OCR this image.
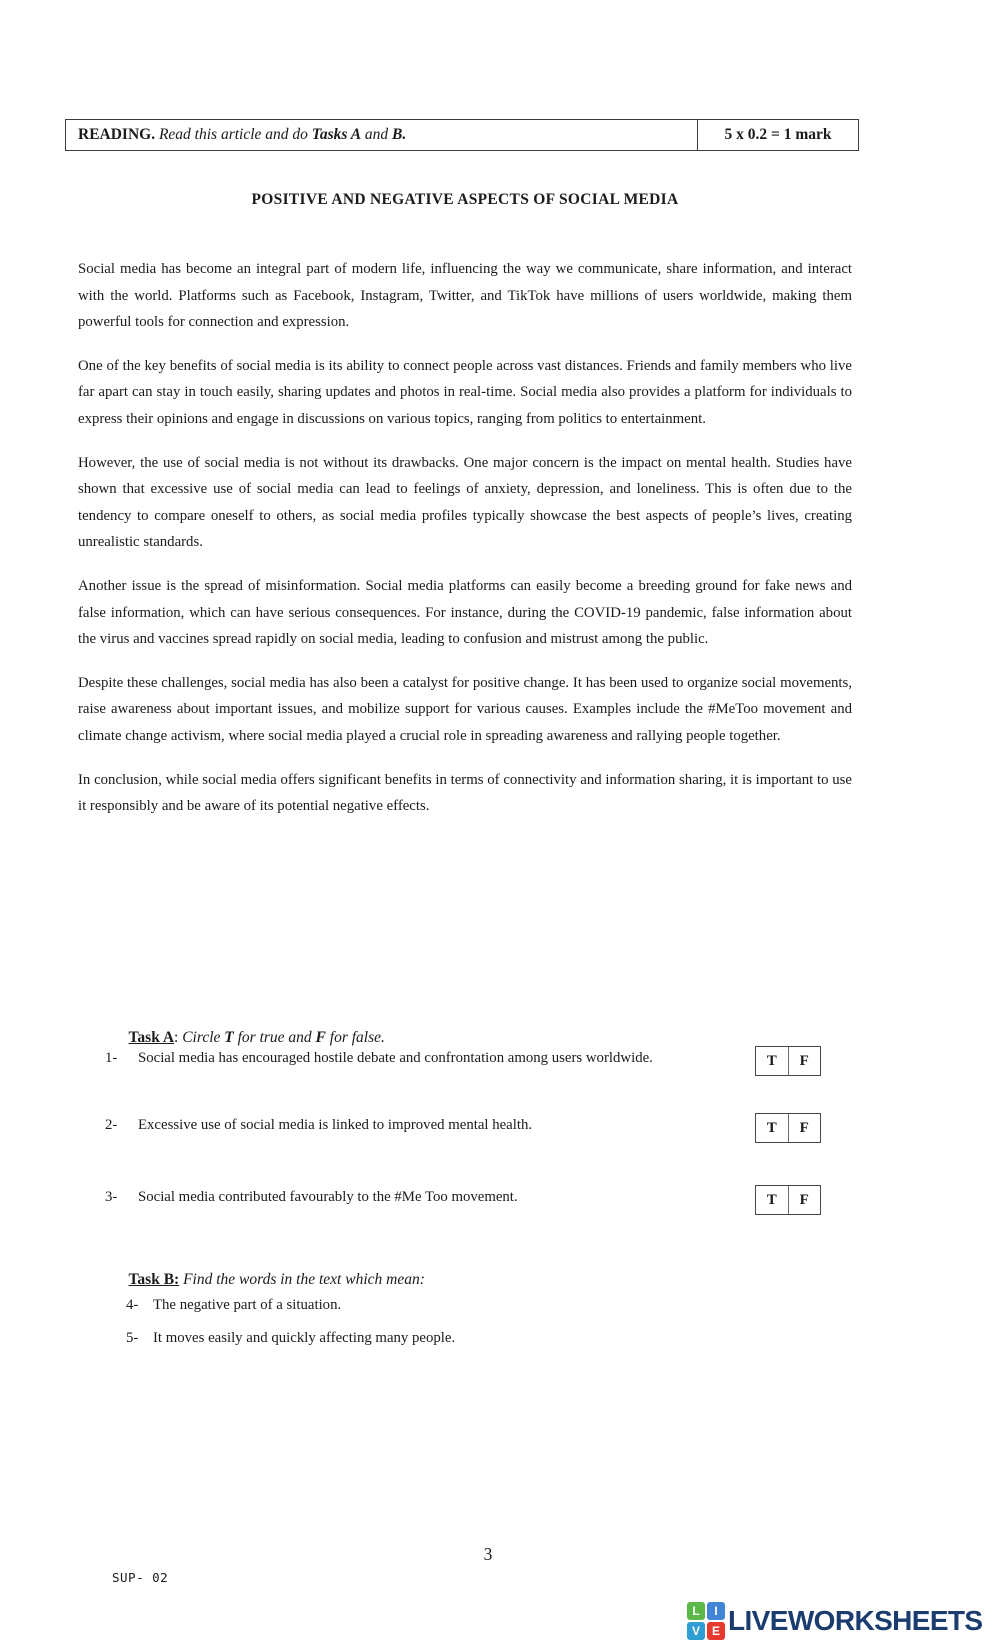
READING. Read this article and do Tasks A and B.	5 x 0.2 = 1 mark
POSITIVE AND NEGATIVE ASPECTS OF SOCIAL MEDIA

Social media has become an integral part of modern life, influencing the way we communicate, share information, and interact with the world. Platforms such as Facebook, Instagram, Twitter, and TikTok have millions of users worldwide, making them powerful tools for connection and expression.

One of the key benefits of social media is its ability to connect people across vast distances. Friends and family members who live far apart can stay in touch easily, sharing updates and photos in real-time. Social media also provides a platform for individuals to express their opinions and engage in discussions on various topics, ranging from politics to entertainment.

However, the use of social media is not without its drawbacks. One major concern is the impact on mental health. Studies have shown that excessive use of social media can lead to feelings of anxiety, depression, and loneliness. This is often due to the tendency to compare oneself to others, as social media profiles typically showcase the best aspects of people’s lives, creating unrealistic standards.

Another issue is the spread of misinformation. Social media platforms can easily become a breeding ground for fake news and false information, which can have serious consequences. For instance, during the COVID-19 pandemic, false information about the virus and vaccines spread rapidly on social media, leading to confusion and mistrust among the public.

Despite these challenges, social media has also been a catalyst for positive change. It has been used to organize social movements, raise awareness about important issues, and mobilize support for various causes. Examples include the #MeToo movement and climate change activism, where social media played a crucial role in spreading awareness and rallying people together.

In conclusion, while social media offers significant benefits in terms of connectivity and information sharing, it is important to use it responsibly and be aware of its potential negative effects.

Task A: Circle T for true and F for false.

1- Social media has encouraged hostile debate and confrontation among users worldwide.	T	F
2- Excessive use of social media is linked to improved mental health.	T	F
3- Social media contributed favourably to the #Me Too movement.	T	F

Task B: Find the words in the text which mean:

4- The negative part of a situation.
5- It moves easily and quickly affecting many people.
3
SUP- 02
L	I
V E LIVEWORKSHEETS
